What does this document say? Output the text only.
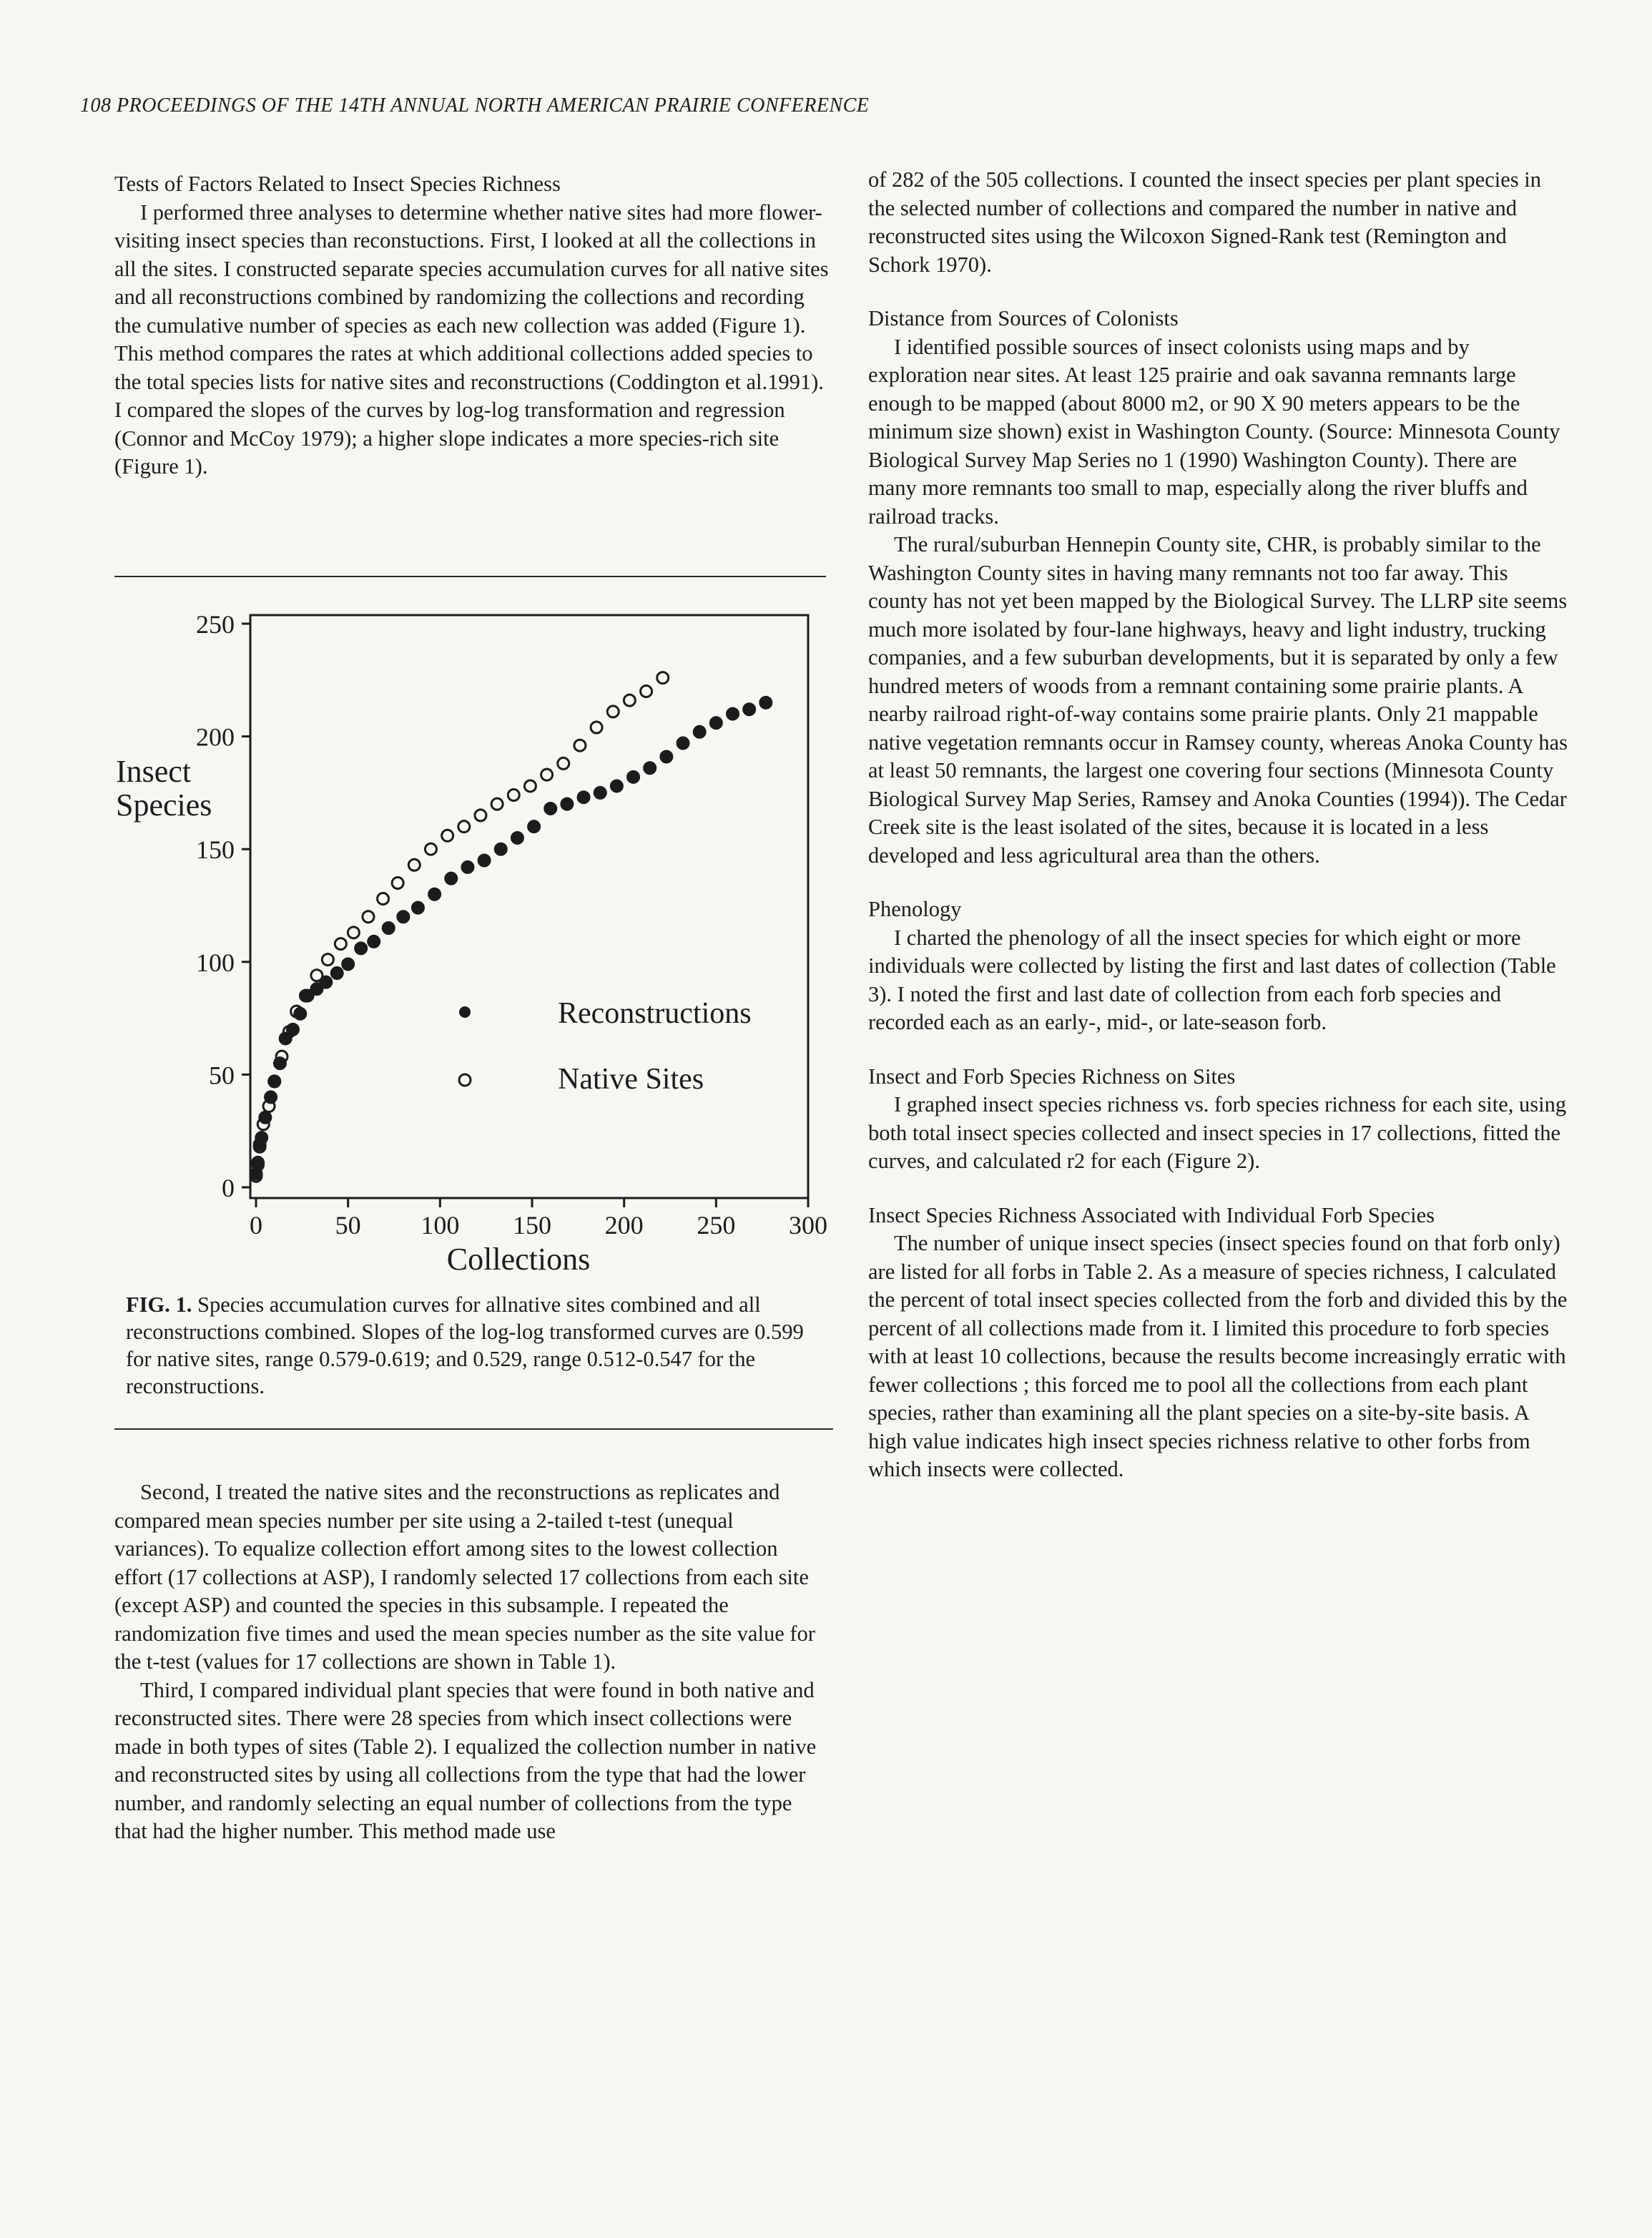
108 PROCEEDINGS OF THE 14TH ANNUAL NORTH AMERICAN PRAIRIE CONFERENCE
Tests of Factors Related to Insect Species Richness

I performed three analyses to determine whether native sites had more flower-visiting insect species than reconstuctions. First, I looked at all the collections in all the sites. I constructed separate species accumulation curves for all native sites and all reconstructions combined by randomizing the collections and recording the cumulative number of species as each new collection was added (Figure 1). This method compares the rates at which additional collections added species to the total species lists for native sites and reconstructions (Coddington et al.1991). I compared the slopes of the curves by log-log transformation and regression (Connor and McCoy 1979); a higher slope indicates a more species-rich site (Figure 1).

0
50
100
150
200
250
0	50 100 150 200 250 300
Insect
Species
Collections
Reconstructions
Native Sites
FIG. 1. Species accumulation curves for allnative sites combined and all reconstructions combined. Slopes of the log-log transformed curves are 0.599 for native sites, range 0.579-0.619; and 0.529, range 0.512-0.547 for the reconstructions.

Second, I treated the native sites and the reconstructions as replicates and compared mean species number per site using a 2-tailed t-test (unequal variances). To equalize collection effort among sites to the lowest collection effort (17 collections at ASP), I randomly selected 17 collections from each site (except ASP) and counted the species in this subsample. I repeated the randomization five times and used the mean species number as the site value for the t-test (values for 17 collections are shown in Table 1).

Third, I compared individual plant species that were found in both native and reconstructed sites. There were 28 species from which insect collections were made in both types of sites (Table 2). I equalized the collection number in native and reconstructed sites by using all collections from the type that had the lower number, and randomly selecting an equal number of collections from the type that had the higher number. This method made use

of 282 of the 505 collections. I counted the insect species per plant species in the selected number of collections and compared the number in native and reconstructed sites using the Wilcoxon Signed-Rank test (Remington and Schork 1970).

Distance from Sources of Colonists

I identified possible sources of insect colonists using maps and by exploration near sites. At least 125 prairie and oak savanna remnants large enough to be mapped (about 8000 m2, or 90 X 90 meters appears to be the minimum size shown) exist in Washington County. (Source: Minnesota County Biological Survey Map Series no 1 (1990) Washington County). There are many more remnants too small to map, especially along the river bluffs and railroad tracks.

The rural/suburban Hennepin County site, CHR, is probably similar to the Washington County sites in having many remnants not too far away. This county has not yet been mapped by the Biological Survey. The LLRP site seems much more isolated by four-lane highways, heavy and light industry, trucking companies, and a few suburban developments, but it is separated by only a few hundred meters of woods from a remnant containing some prairie plants. A nearby railroad right-of-way contains some prairie plants. Only 21 mappable native vegetation remnants occur in Ramsey county, whereas Anoka County has at least 50 remnants, the largest one covering four sections (Minnesota County Biological Survey Map Series, Ramsey and Anoka Counties (1994)). The Cedar Creek site is the least isolated of the sites, because it is located in a less developed and less agricultural area than the others.

Phenology

I charted the phenology of all the insect species for which eight or more individuals were collected by listing the first and last dates of collection (Table 3). I noted the first and last date of collection from each forb species and recorded each as an early-, mid-, or late-season forb.

Insect and Forb Species Richness on Sites

I graphed insect species richness vs. forb species richness for each site, using both total insect species collected and insect species in 17 collections, fitted the curves, and calculated r2 for each (Figure 2).

Insect Species Richness Associated with Individual Forb Species

The number of unique insect species (insect species found on that forb only) are listed for all forbs in Table 2. As a measure of species richness, I calculated the percent of total insect species collected from the forb and divided this by the percent of all collections made from it. I limited this procedure to forb species with at least 10 collections, because the results become increasingly erratic with fewer collections ; this forced me to pool all the collections from each plant species, rather than examining all the plant species on a site-by-site basis. A high value indicates high insect species richness relative to other forbs from which insects were collected.
